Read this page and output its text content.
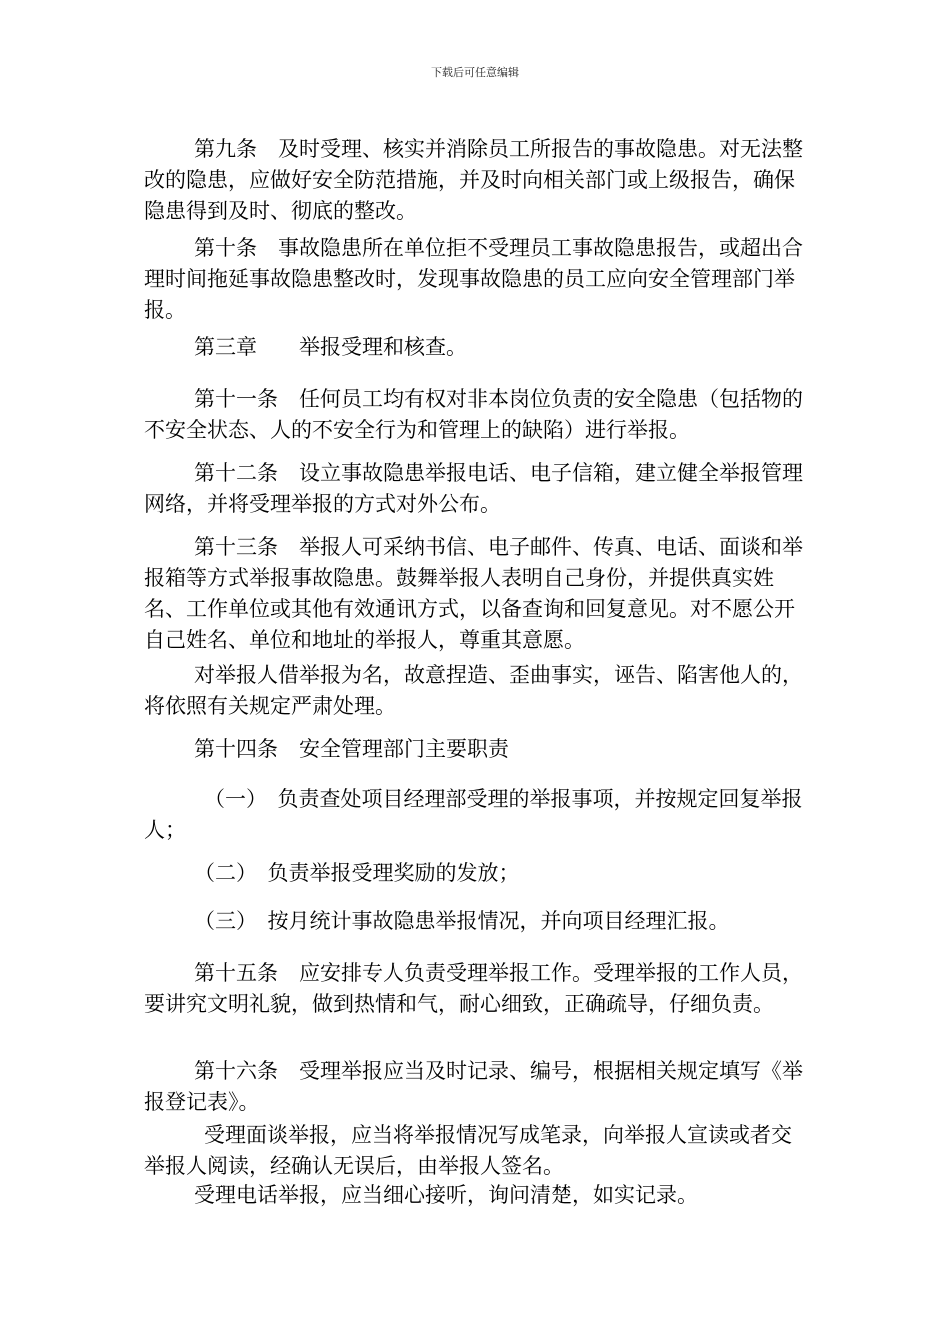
下载后可任意编辑

第九条　及时受理、核实并消除员工所报告的事故隐患。对无法整改的隐患，应做好安全防范措施，并及时向相关部门或上级报告，确保隐患得到及时、彻底的整改。

第十条　事故隐患所在单位拒不受理员工事故隐患报告，或超出合理时间拖延事故隐患整改时，发现事故隐患的员工应向安全管理部门举报。

第三章　　举报受理和核查。

第十一条　任何员工均有权对非本岗位负责的安全隐患（包括物的不安全状态、人的不安全行为和管理上的缺陷）进行举报。

第十二条　设立事故隐患举报电话、电子信箱，建立健全举报管理网络，并将受理举报的方式对外公布。

第十三条　举报人可采纳书信、电子邮件、传真、电话、面谈和举报箱等方式举报事故隐患。鼓舞举报人表明自己身份，并提供真实姓名、工作单位或其他有效通讯方式，以备查询和回复意见。对不愿公开自己姓名、单位和地址的举报人，尊重其意愿。

对举报人借举报为名，故意捏造、歪曲事实，诬告、陷害他人的，将依照有关规定严肃处理。

第十四条　安全管理部门主要职责

（一）　负责查处项目经理部受理的举报事项，并按规定回复举报人；

（二）　负责举报受理奖励的发放；

（三）　按月统计事故隐患举报情况，并向项目经理汇报。

第十五条　应安排专人负责受理举报工作。受理举报的工作人员，要讲究文明礼貌，做到热情和气，耐心细致，正确疏导，仔细负责。

第十六条　受理举报应当及时记录、编号，根据相关规定填写《举报登记表》。

受理面谈举报，应当将举报情况写成笔录，向举报人宣读或者交举报人阅读，经确认无误后，由举报人签名。

受理电话举报，应当细心接听，询问清楚，如实记录。
